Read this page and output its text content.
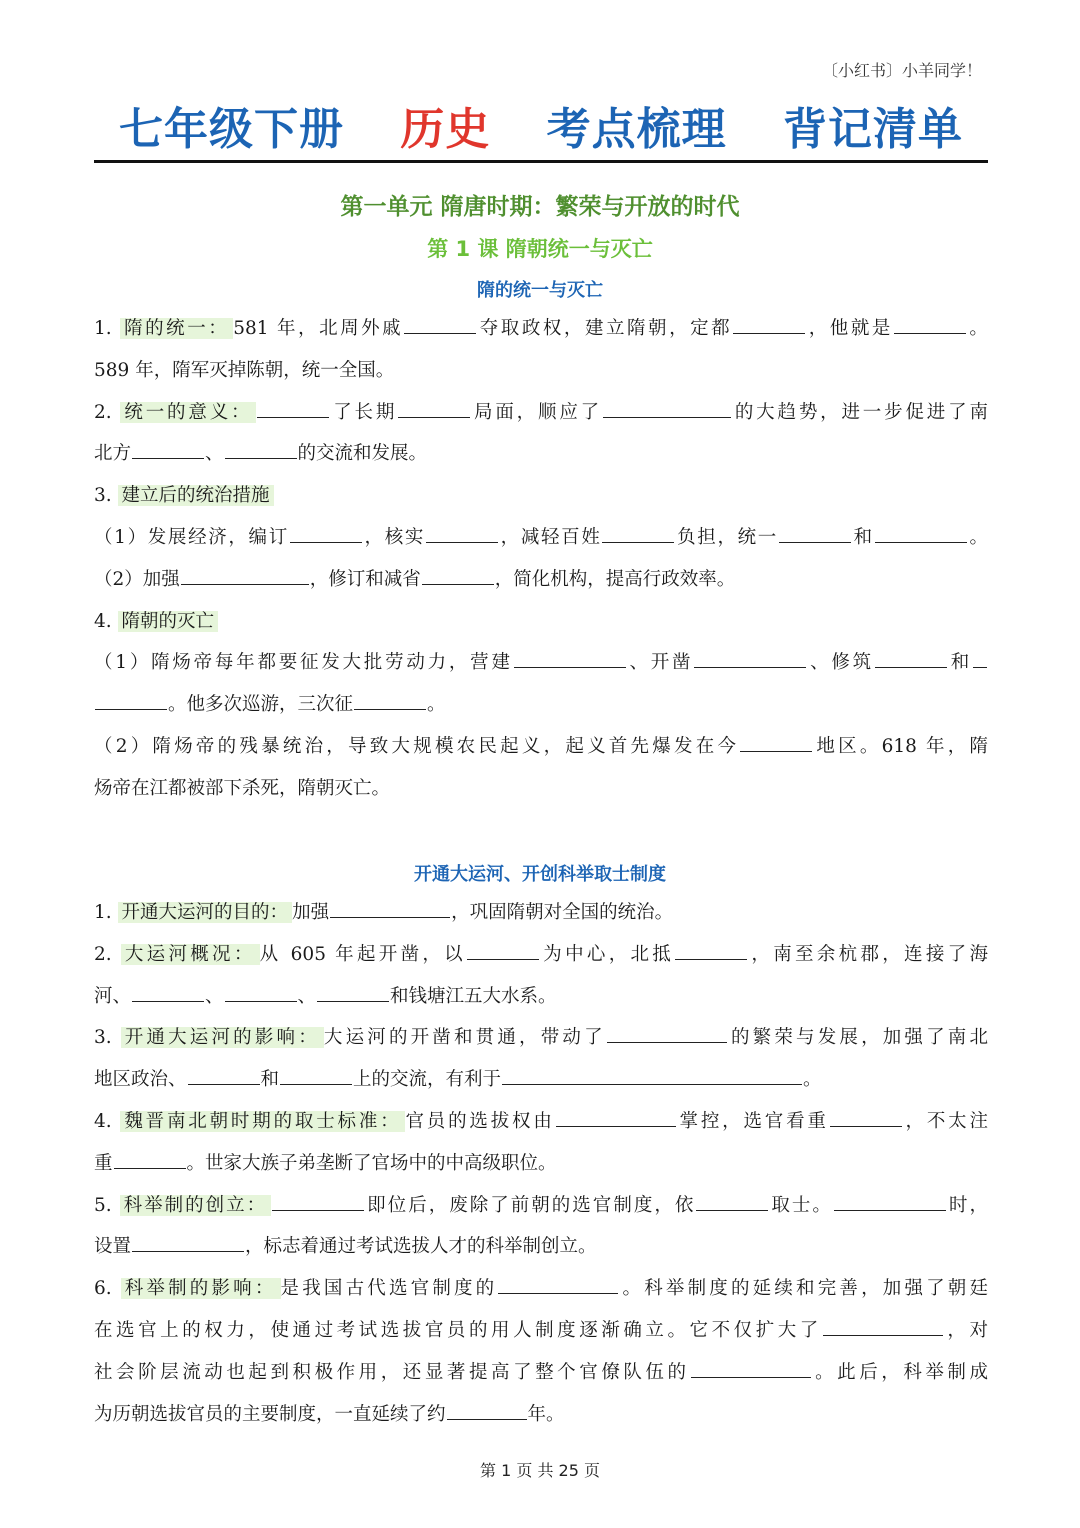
〔小红书〕小羊同学！
七年级下册 历史 考点梳理 背记清单
第一单元 隋唐时期：繁荣与开放的时代
第 1 课 隋朝统一与灭亡
隋的统一与灭亡

1. 隋的统一： 581 年，北周外戚	夺取政权，建立隋朝，定都	，他就是	。

589 年，隋军灭掉陈朝，统一全国。

2. 统一的意义：	了长期	局面，顺应了	的大趋势，进一步促进了南

北方	、	的交流和发展。

3. 建立后的统治措施

（1）发展经济，编订	，核实	，减轻百姓	负担，统一	和	。

（2）加强	，修订和减省	，简化机构，提高行政效率。

4. 隋朝的灭亡

（1）隋炀帝每年都要征发大批劳动力，营建	、开凿	、修筑	和

。他多次巡游，三次征	。

（2）隋炀帝的残暴统治，导致大规模农民起义，起义首先爆发在今	地区。618 年，隋

炀帝在江都被部下杀死，隋朝灭亡。

开通大运河、开创科举取士制度

1. 开通大运河的目的： 加强	，巩固隋朝对全国的统治。

2. 大运河概况： 从 605 年起开凿，以	为中心，北抵	，南至余杭郡，连接了海

河、	、	、	和钱塘江五大水系。

3. 开通大运河的影响： 大运河的开凿和贯通，带动了	的繁荣与发展，加强了南北

地区政治、	和	上的交流，有利于	。

4. 魏晋南北朝时期的取士标准： 官员的选拔权由	掌控，选官看重	，不太注

重	。世家大族子弟垄断了官场中的中高级职位。

5. 科举制的创立：	即位后，废除了前朝的选官制度，依	取士。	时，

设置	，标志着通过考试选拔人才的科举制创立。

6. 科举制的影响： 是我国古代选官制度的	。科举制度的延续和完善，加强了朝廷

在选官上的权力，使通过考试选拔官员的用人制度逐渐确立。它不仅扩大了	，对

社会阶层流动也起到积极作用，还显著提高了整个官僚队伍的	。此后，科举制成

为历朝选拔官员的主要制度，一直延续了约	年。

第 1 页 共 25 页
